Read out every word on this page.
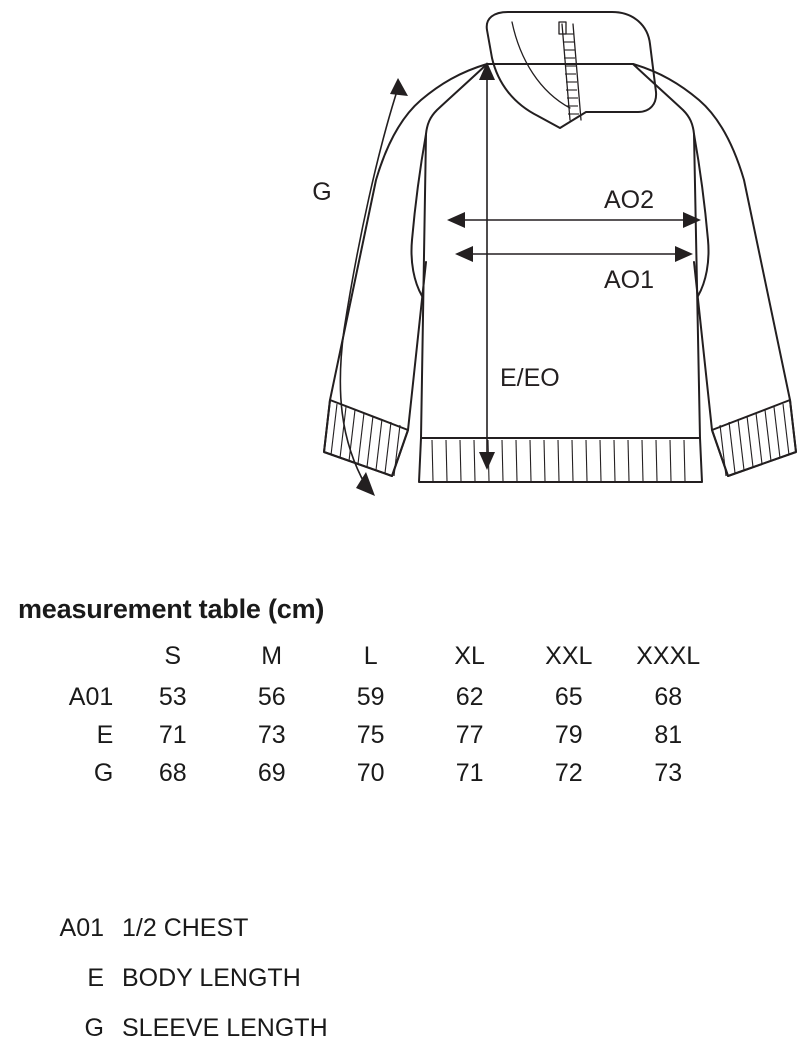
G	AO2
AO1
E/EO
measurement table (cm)
	S	M	L	XL	XXL	XXXL
A01	53	56	59	62	65	68
E	71	73	75	77	79	81
G	68	69	70	71	72	73
A01 1/2 CHEST
E BODY LENGTH
G SLEEVE LENGTH
